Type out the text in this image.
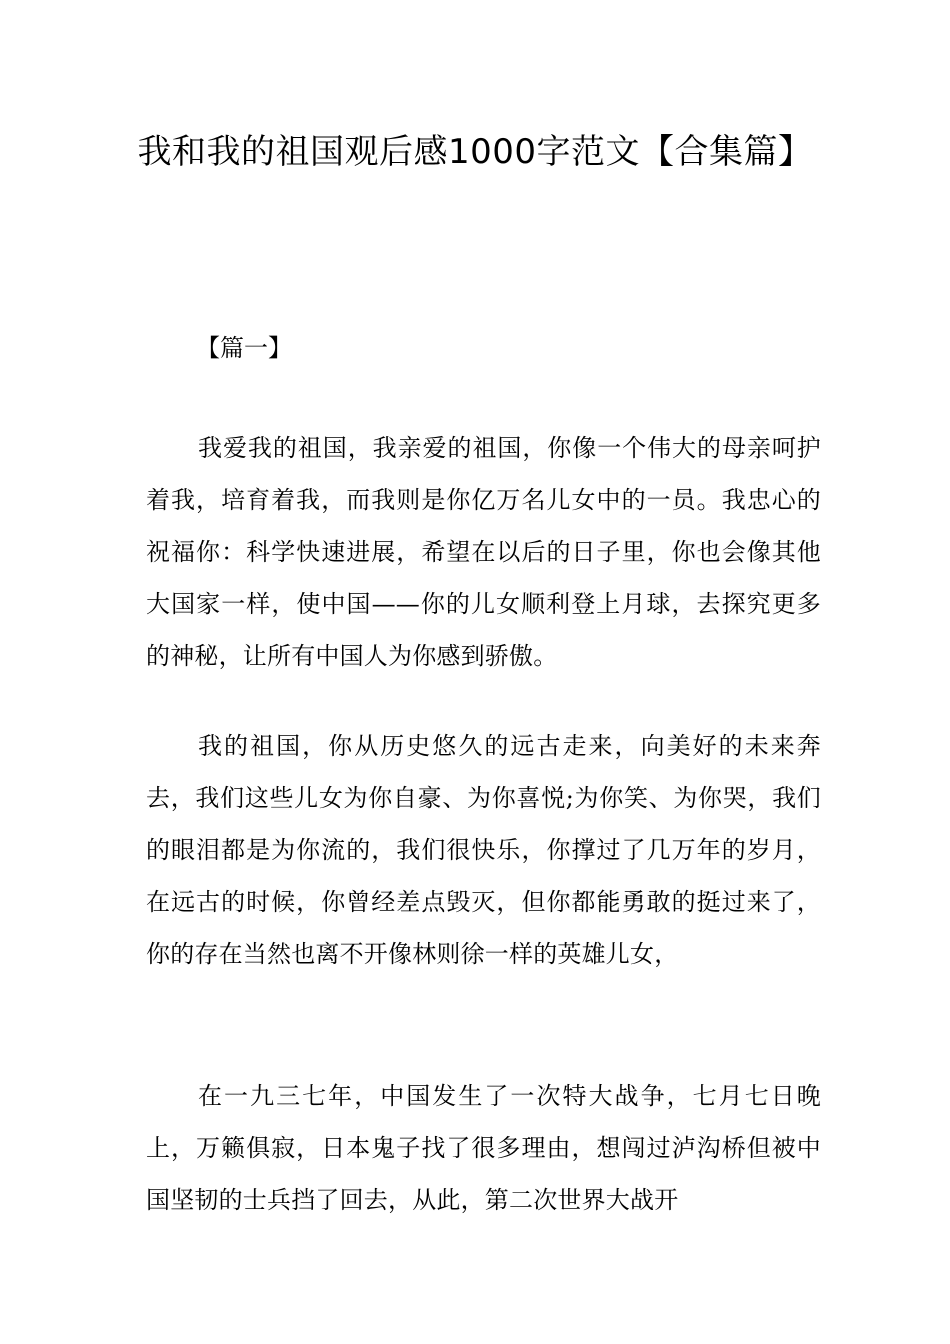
我和我的祖国观后感1000字范文【合集篇】

【篇一】

我爱我的祖国，我亲爱的祖国，你像一个伟大的母亲呵护着我，培育着我，而我则是你亿万名儿女中的一员。我忠心的祝福你：科学快速进展，希望在以后的日子里，你也会像其他大国家一样，使中国——你的儿女顺利登上月球，去探究更多的神秘，让所有中国人为你感到骄傲。

我的祖国，你从历史悠久的远古走来，向美好的未来奔去，我们这些儿女为你自豪、为你喜悦;为你笑、为你哭，我们的眼泪都是为你流的，我们很快乐，你撑过了几万年的岁月，在远古的时候，你曾经差点毁灭，但你都能勇敢的挺过来了，你的存在当然也离不开像林则徐一样的英雄儿女，

在一九三七年，中国发生了一次特大战争，七月七日晚上，万籁俱寂，日本鬼子找了很多理由，想闯过泸沟桥但被中国坚韧的士兵挡了回去，从此，第二次世界大战开
